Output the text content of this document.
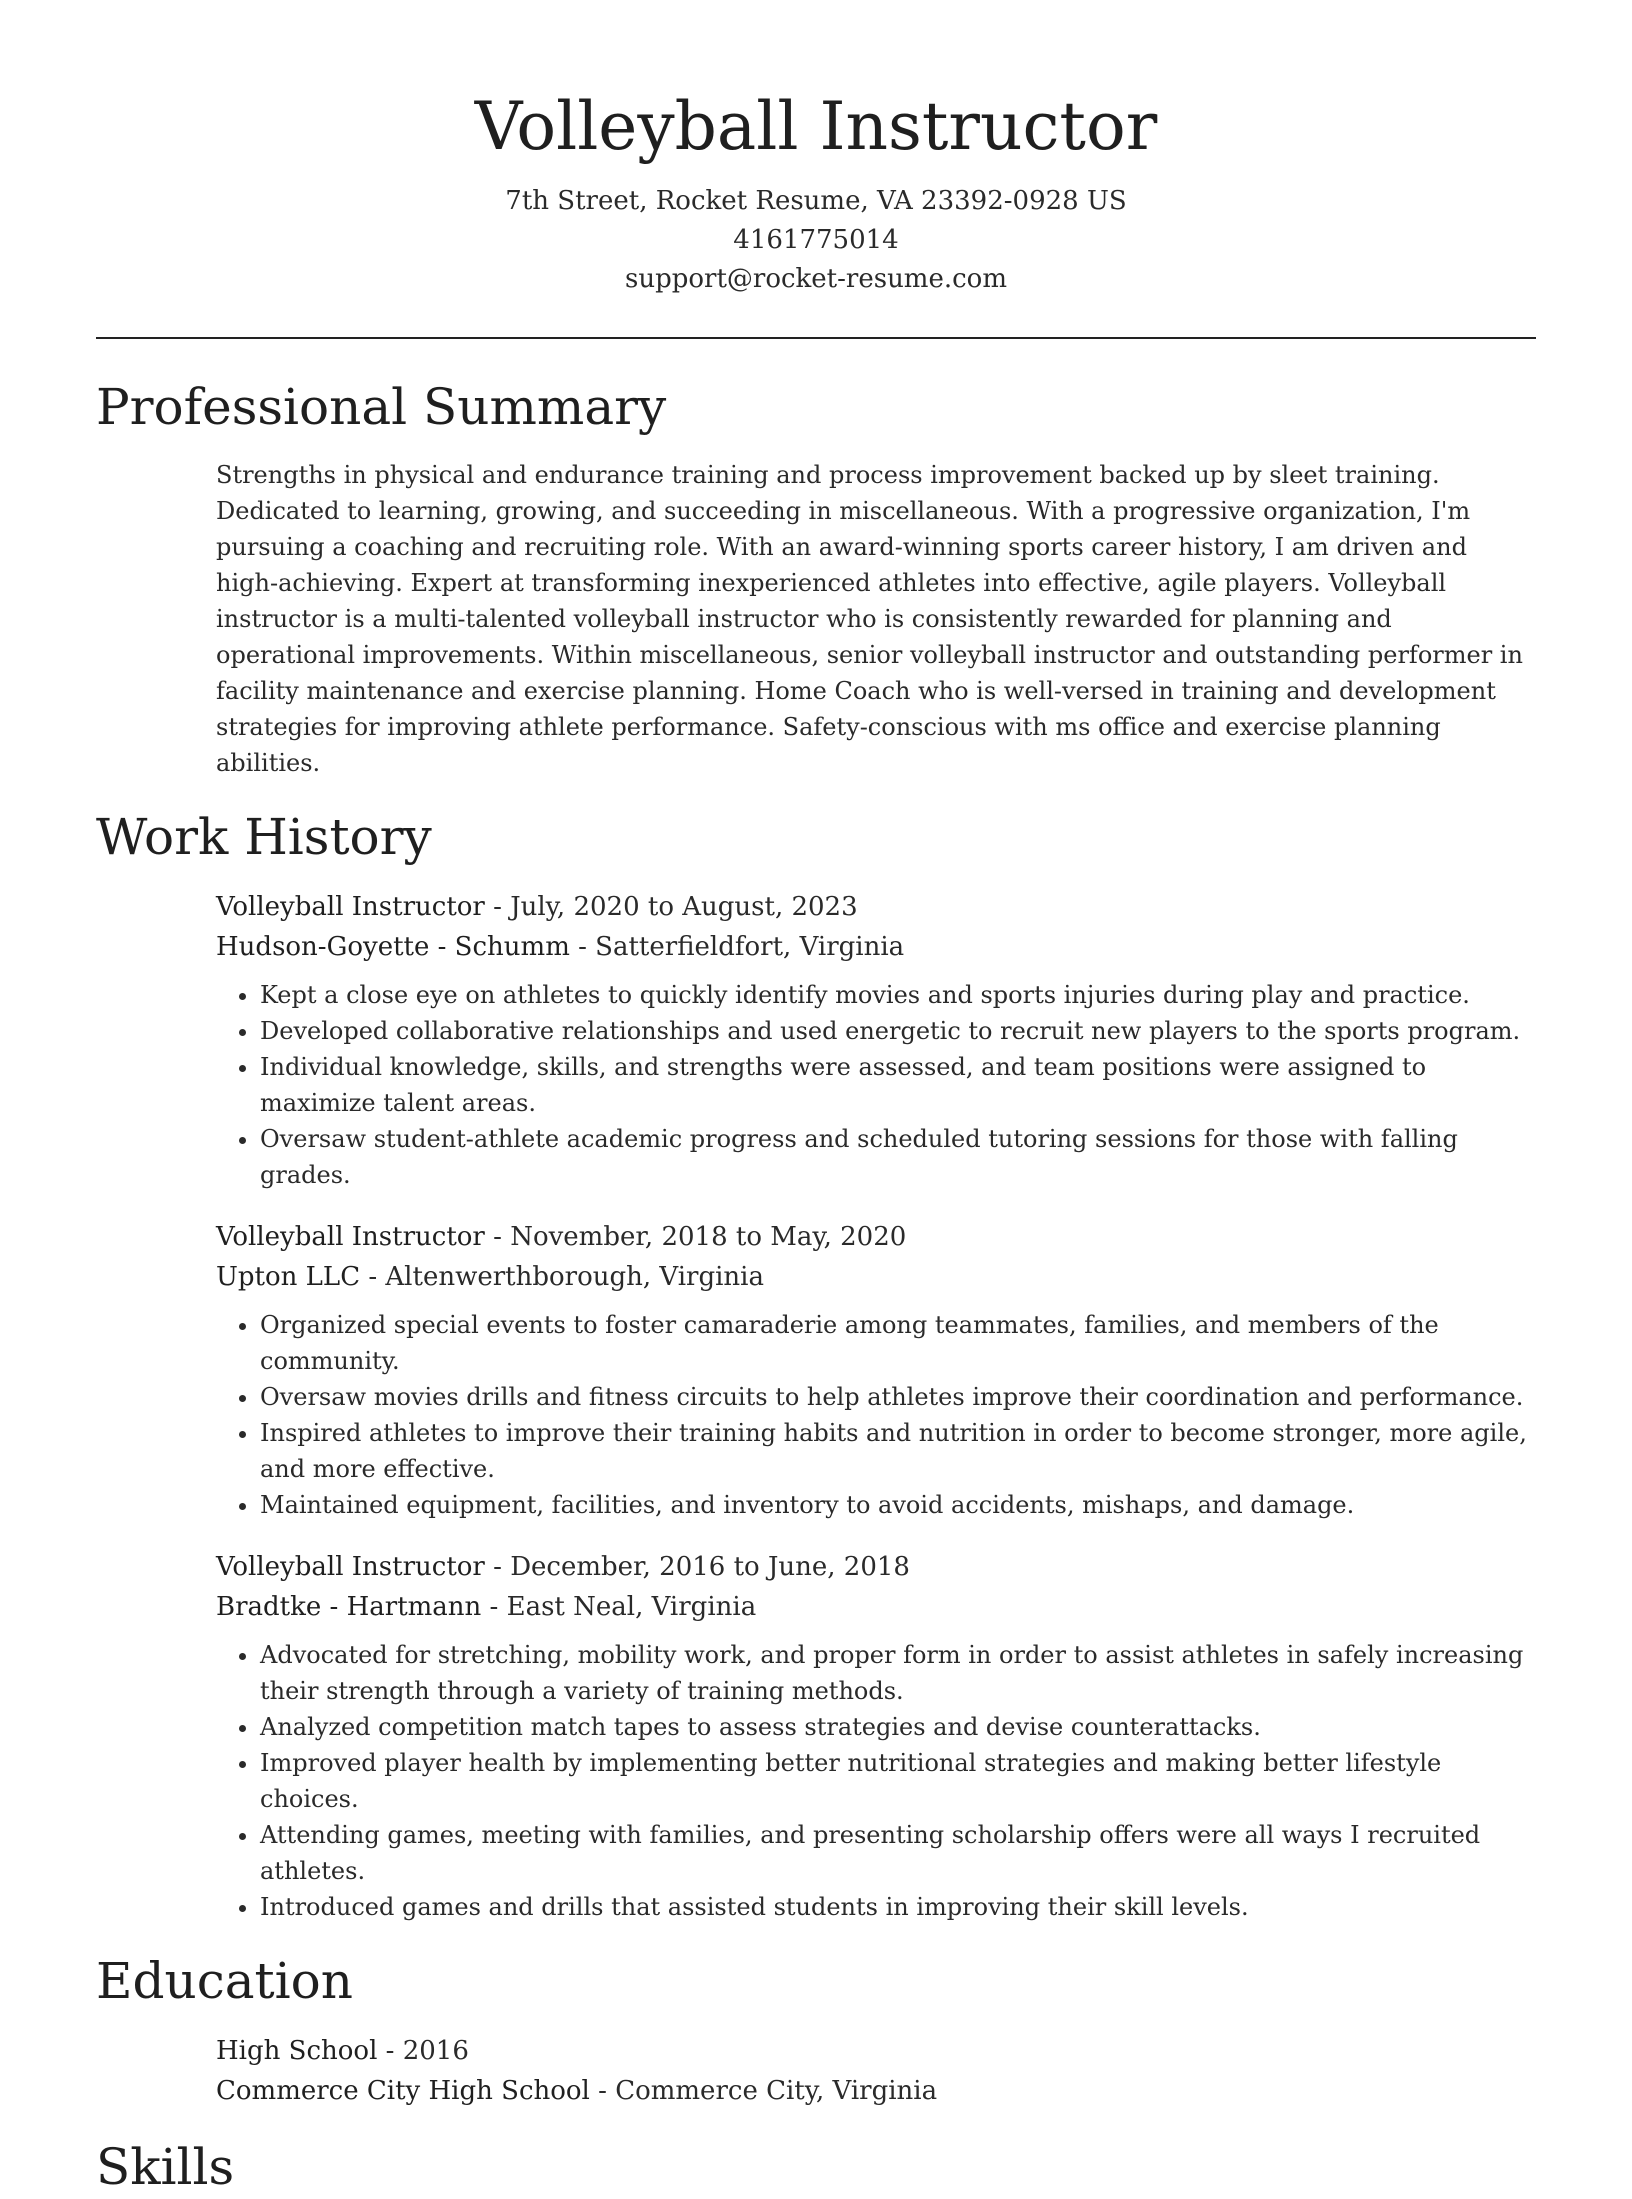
Volleyball Instructor
7th Street, Rocket Resume, VA 23392-0928 US
4161775014
support@rocket-resume.com
Professional Summary

Strengths in physical and endurance training and process improvement backed up by sleet training. Dedicated to learning, growing, and succeeding in miscellaneous. With a progressive organization, I'm pursuing a coaching and recruiting role. With an award-winning sports career history, I am driven and high-achieving. Expert at transforming inexperienced athletes into effective, agile players. Volleyball instructor is a multi-talented volleyball instructor who is consistently rewarded for planning and operational improvements. Within miscellaneous, senior volleyball instructor and outstanding performer in facility maintenance and exercise planning. Home Coach who is well-versed in training and development strategies for improving athlete performance. Safety-conscious with ms office and exercise planning abilities.

Work History
Volleyball Instructor - July, 2020 to August, 2023
Hudson-Goyette - Schumm - Satterfieldfort, Virginia
• Kept a close eye on athletes to quickly identify movies and sports injuries during play and practice.
• Developed collaborative relationships and used energetic to recruit new players to the sports program.
• Individual knowledge, skills, and strengths were assessed, and team positions were assigned to maximize talent areas.
• Oversaw student-athlete academic progress and scheduled tutoring sessions for those with falling grades.
Volleyball Instructor - November, 2018 to May, 2020
Upton LLC - Altenwerthborough, Virginia
• Organized special events to foster camaraderie among teammates, families, and members of the community.
• Oversaw movies drills and fitness circuits to help athletes improve their coordination and performance.
• Inspired athletes to improve their training habits and nutrition in order to become stronger, more agile, and more effective.
• Maintained equipment, facilities, and inventory to avoid accidents, mishaps, and damage.
Volleyball Instructor - December, 2016 to June, 2018
Bradtke - Hartmann - East Neal, Virginia
• Advocated for stretching, mobility work, and proper form in order to assist athletes in safely increasing their strength through a variety of training methods.
• Analyzed competition match tapes to assess strategies and devise counterattacks.
• Improved player health by implementing better nutritional strategies and making better lifestyle choices.
• Attending games, meeting with families, and presenting scholarship offers were all ways I recruited athletes.
• Introduced games and drills that assisted students in improving their skill levels.
Education
High School - 2016
Commerce City High School - Commerce City, Virginia
Skills
